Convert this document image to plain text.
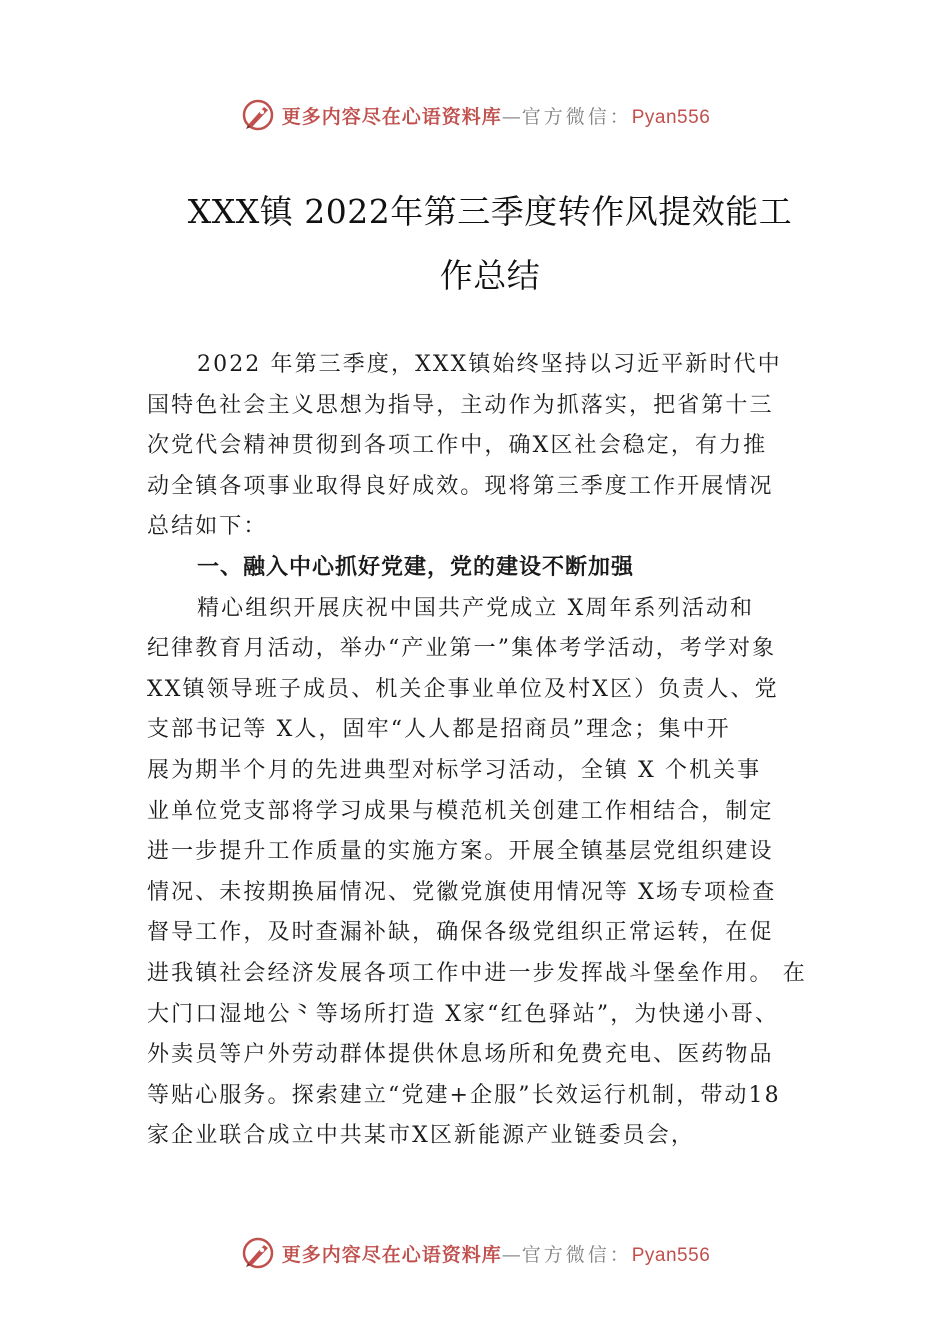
更多内容尽在心语资料库—官方微信：Pyan556
XXX镇 2022年第三季度转作风提效能工
作总结
2022 年第三季度，XXX镇始终坚持以习近平新时代中
国特色社会主义思想为指导，主动作为抓落实，把省第十三
次党代会精神贯彻到各项工作中，确X区社会稳定，有力推
动全镇各项事业取得良好成效。现将第三季度工作开展情况
总结如下：
一、融入中心抓好党建，党的建设不断加强
精心组织开展庆祝中国共产党成立 X周年系列活动和
纪律教育月活动，举办“产业第一”集体考学活动，考学对象
XX镇领导班子成员、机关企事业单位及村X区）负责人、党
支部书记等 X人，固牢“人人都是招商员”理念；集中开
展为期半个月的先进典型对标学习活动，全镇 X 个机关事
业单位党支部将学习成果与模范机关创建工作相结合，制定
进一步提升工作质量的实施方案。开展全镇基层党组织建设
情况、未按期换届情况、党徽党旗使用情况等 X场专项检查
督导工作，及时查漏补缺，确保各级党组织正常运转，在促
进我镇社会经济发展各项工作中进一步发挥战斗堡垒作用。 在
大门口湿地公⺀等场所打造 X家“红色驿站”，为快递小哥、
外卖员等户外劳动群体提供休息场所和免费充电、医药物品
等贴心服务。探索建立“党建+企服”长效运行机制，带动18
家企业联合成立中共某市X区新能源产业链委员会，
更多内容尽在心语资料库—官方微信：Pyan556
